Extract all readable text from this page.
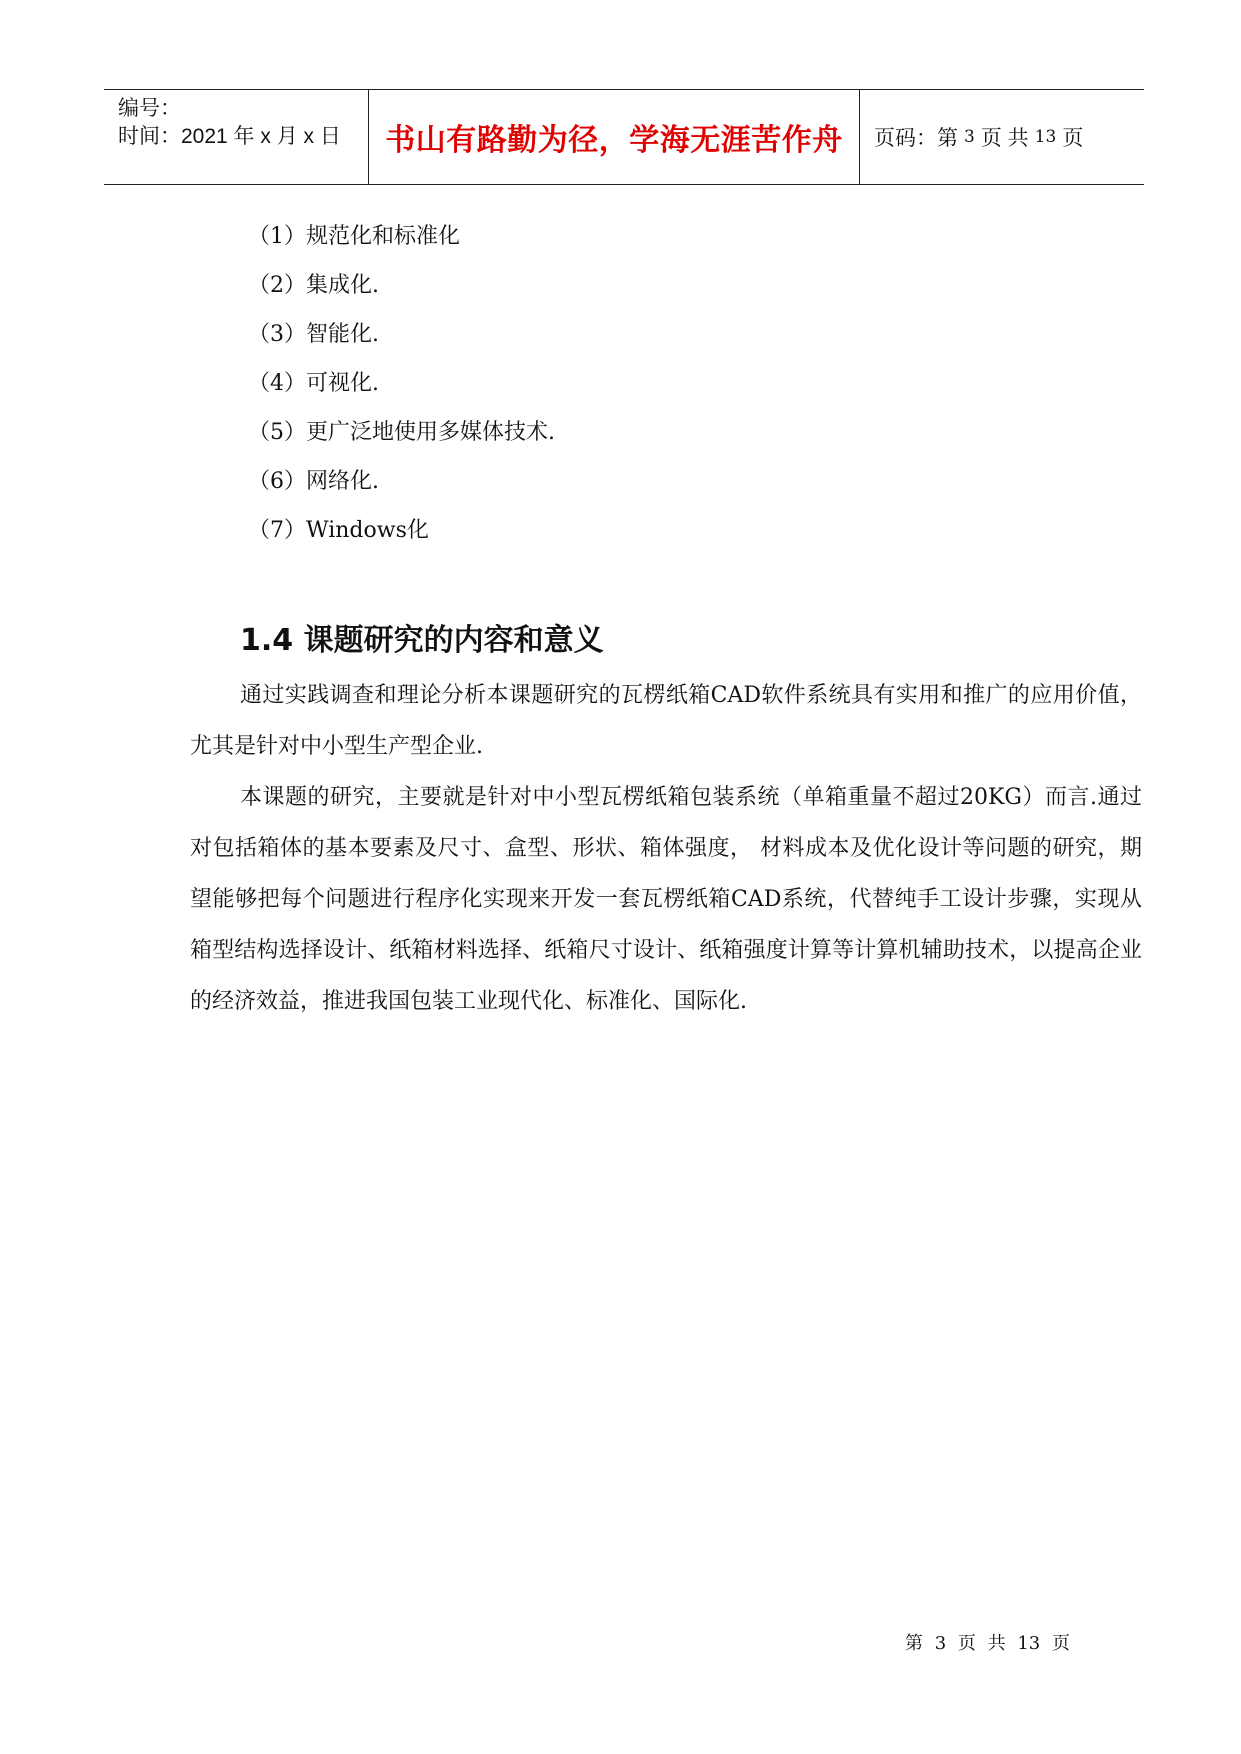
编号：
时间：2021 年 x 月 x 日 书山有路勤为径，学海无涯苦作舟 页码：第 3 页 共 13 页
（1）规范化和标准化
（2）集成化.
（3）智能化.
（4）可视化.
（5）更广泛地使用多媒体技术.
（6）网络化.
（7）Windows化
1.4 课题研究的内容和意义

通过实践调查和理论分析本课题研究的瓦楞纸箱CAD软件系统具有实用和推广的应用价值，尤其是针对中小型生产型企业.

本课题的研究，主要就是针对中小型瓦楞纸箱包装系统（单箱重量不超过20KG）而言.通过对包括箱体的基本要素及尺寸、盒型、形状、箱体强度， 材料成本及优化设计等问题的研究，期望能够把每个问题进行程序化实现来开发一套瓦楞纸箱CAD系统，代替纯手工设计步骤，实现从箱型结构选择设计、纸箱材料选择、纸箱尺寸设计、纸箱强度计算等计算机辅助技术，以提高企业的经济效益，推进我国包装工业现代化、标准化、国际化.

第 3 页 共 13 页
